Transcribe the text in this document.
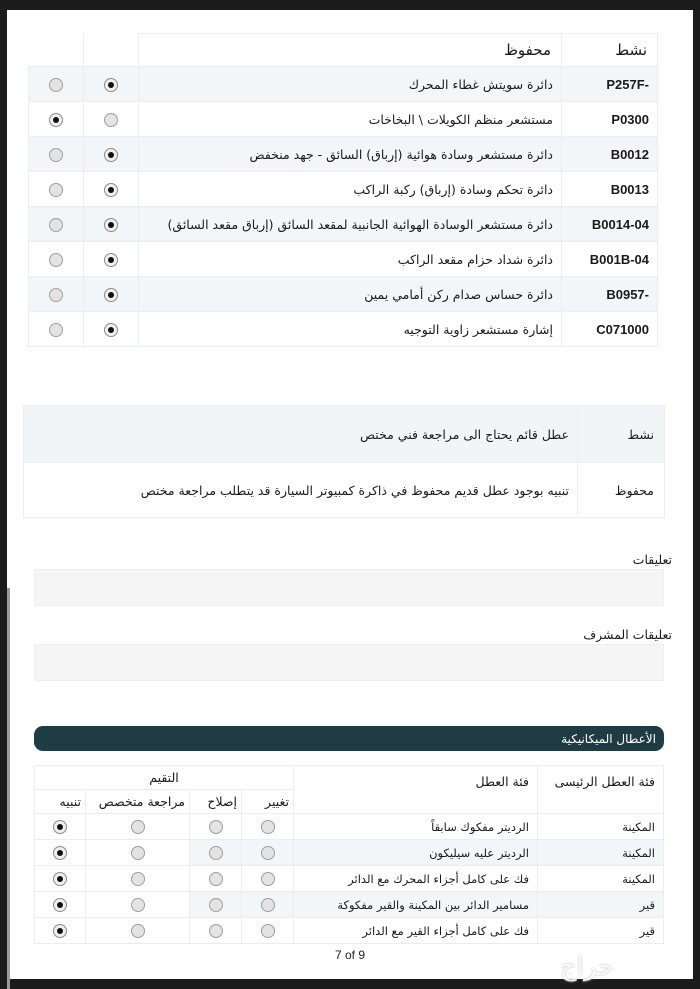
نشط	محفوظ		
-P257F	دائرة سويتش غطاء المحرك		
P0300	مستشعر منظم الكويلات \ البخاخات		
B0012	دائرة مستشعر وسادة هوائية (إرباق) السائق - جهد منخفض		
B0013	دائرة تحكم وسادة (إرباق) ركبة الراكب		
B0014-04	دائرة مستشعر الوسادة الهوائية الجانبية لمقعد السائق (إرباق مقعد السائق)		
B001B-04	دائرة شداد حزام مقعد الراكب		
-B0957	دائرة حساس صدام ركن أمامي يمين		
C071000	إشارة مستشعر زاوية التوجيه		
نشط	عطل قائم يحتاج الى مراجعة فني مختص
محفوظ	تنبيه بوجود عطل قديم محفوظ في ذاكرة كمبيوتر السيارة قد يتطلب مراجعة مختص
تعليقات
تعليقات المشرف
الأعطال الميكانيكية
فئة العطل الرئيسى	فئة العطل	التقيم			
		تغيير	إصلاح	مراجعة متخصص	تنبيه
المكينة	الرديتر مفكوك سابقاً				
المكينة	الرديتر عليه سيليكون				
المكينة	فك على كامل أجزاء المحرك مع الدائر				
قير	مسامير الدائر بين المكينة والقير مفكوكة				
قير	فك على كامل أجزاء القير مع الدائر				
7 of 9	حراج
